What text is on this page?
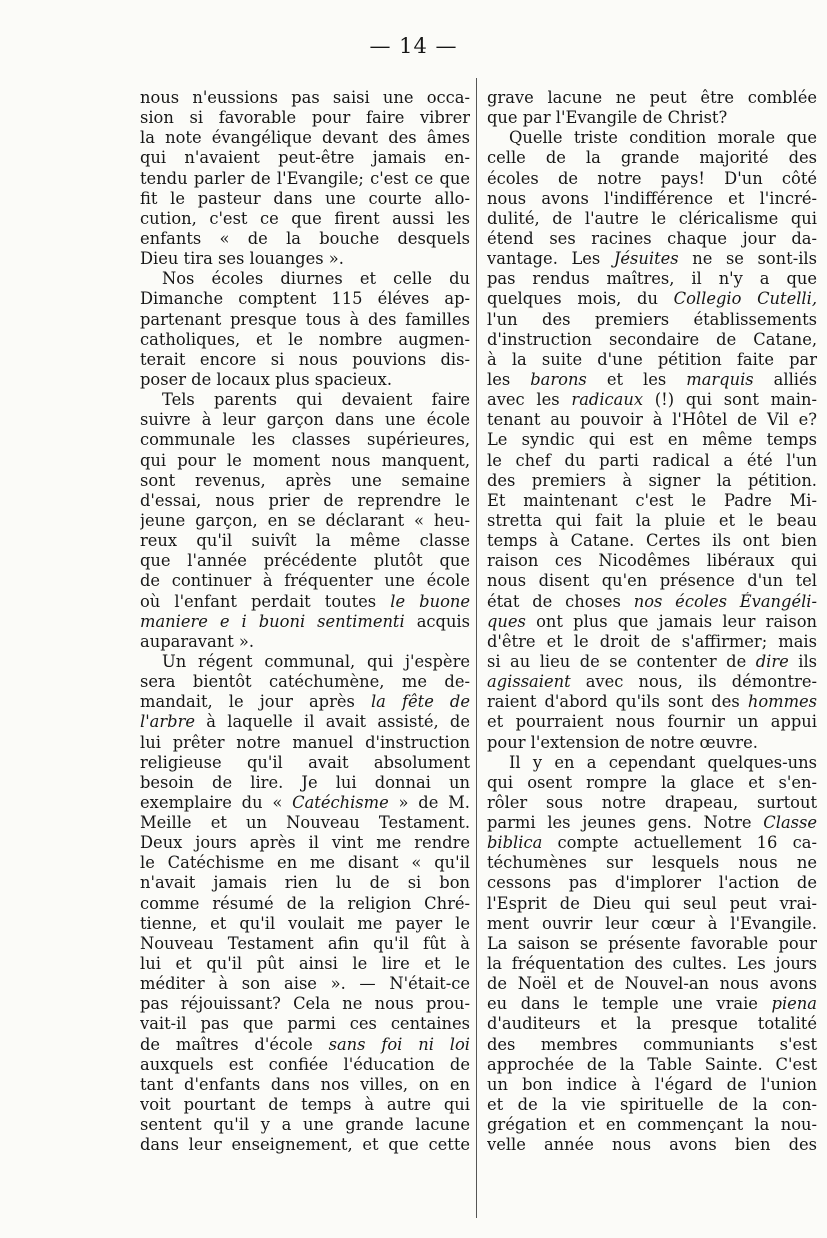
— 14 —
nous n'eussions pas saisi une occa-
sion si favorable pour faire vibrer
la note évangélique devant des âmes
qui n'avaient peut-être jamais en-
tendu parler de l'Evangile; c'est ce que
fit le pasteur dans une courte allo-
cution, c'est ce que firent aussi les
enfants « de la bouche desquels
Dieu tira ses louanges ».
Nos écoles diurnes et celle du
Dimanche comptent 115 éléves ap-
partenant presque tous à des familles
catholiques, et le nombre augmen-
terait encore si nous pouvions dis-
poser de locaux plus spacieux.
Tels parents qui devaient faire
suivre à leur garçon dans une école
communale les classes supérieures,
qui pour le moment nous manquent,
sont revenus, après une semaine
d'essai, nous prier de reprendre le
jeune garçon, en se déclarant « heu-
reux qu'il suivît la même classe
que l'année précédente plutôt que
de continuer à fréquenter une école
où l'enfant perdait toutes le buone
maniere e i buoni sentimenti acquis
auparavant ».
Un régent communal, qui j'espère
sera bientôt catéchumène, me de-
mandait, le jour après la fête de
l'arbre à laquelle il avait assisté, de
lui prêter notre manuel d'instruction
religieuse qu'il avait absolument
besoin de lire. Je lui donnai un
exemplaire du « Catéchisme » de M.
Meille et un Nouveau Testament.
Deux jours après il vint me rendre
le Catéchisme en me disant « qu'il
n'avait jamais rien lu de si bon
comme résumé de la religion Chré-
tienne, et qu'il voulait me payer le
Nouveau Testament afin qu'il fût à
lui et qu'il pût ainsi le lire et le
méditer à son aise ». — N'était-ce
pas réjouissant? Cela ne nous prou-
vait-il pas que parmi ces centaines
de maîtres d'école sans foi ni loi
auxquels est confiée l'éducation de
tant d'enfants dans nos villes, on en
voit pourtant de temps à autre qui
sentent qu'il y a une grande lacune
dans leur enseignement, et que cette
grave lacune ne peut être comblée
que par l'Evangile de Christ?
Quelle triste condition morale que
celle de la grande majorité des
écoles de notre pays! D'un côté
nous avons l'indifférence et l'incré-
dulité, de l'autre le cléricalisme qui
étend ses racines chaque jour da-
vantage. Les Jésuites ne se sont-ils
pas rendus maîtres, il n'y a que
quelques mois, du Collegio Cutelli,
l'un des premiers établissements
d'instruction secondaire de Catane,
à la suite d'une pétition faite par
les barons et les marquis alliés
avec les radicaux (!) qui sont main-
tenant au pouvoir à l'Hôtel de Vil e?
Le syndic qui est en même temps
le chef du parti radical a été l'un
des premiers à signer la pétition.
Et maintenant c'est le Padre Mi-
stretta qui fait la pluie et le beau
temps à Catane. Certes ils ont bien
raison ces Nicodêmes libéraux qui
nous disent qu'en présence d'un tel
état de choses nos écoles Évangéli-
ques ont plus que jamais leur raison
d'être et le droit de s'affirmer; mais
si au lieu de se contenter de dire ils
agissaient avec nous, ils démontre-
raient d'abord qu'ils sont des hommes
et pourraient nous fournir un appui
pour l'extension de notre œuvre.
Il y en a cependant quelques-uns
qui osent rompre la glace et s'en-
rôler sous notre drapeau, surtout
parmi les jeunes gens. Notre Classe
biblica compte actuellement 16 ca-
téchumènes sur lesquels nous ne
cessons pas d'implorer l'action de
l'Esprit de Dieu qui seul peut vrai-
ment ouvrir leur cœur à l'Evangile.
La saison se présente favorable pour
la fréquentation des cultes. Les jours
de Noël et de Nouvel-an nous avons
eu dans le temple une vraie piena
d'auditeurs et la presque totalité
des membres communiants s'est
approchée de la Table Sainte. C'est
un bon indice à l'égard de l'union
et de la vie spirituelle de la con-
grégation et en commençant la nou-
velle année nous avons bien des
